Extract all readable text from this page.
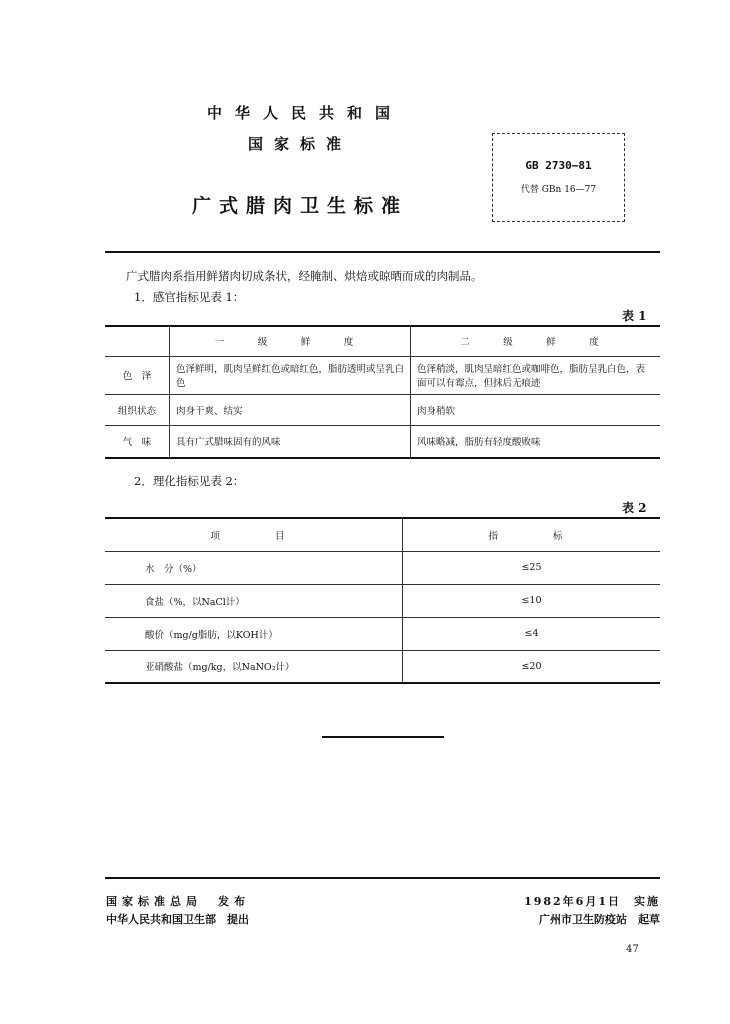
中华人民共和国
国家标准
广式腊肉卫生标准
GB 2730—81
代替 GBn 16—77
广式腊肉系指用鲜猪肉切成条状，经腌制、烘焙或晾晒而成的肉制品。
1．感官指标见表 1：
表 1
	一　级　鲜　度	二　级　鲜　度
色　泽	色泽鲜明，肌肉呈鲜红色或暗红色，脂肪透明或呈乳白色	色泽稍淡，肌肉呈暗红色或咖啡色，脂肪呈乳白色，表面可以有霉点，但抹后无痕迹
组织状态	肉身干爽、结实	肉身稍软
气　味	具有广式腊味固有的风味	风味略减，脂肪有轻度酸败味
2．理化指标见表 2：
表 2
项　　目	指　　标
水　分（%）	≤25
食盐（%，以NaCl计）	≤10
酸价（mg/g脂肪，以KOH计）	≤4
亚硝酸盐（mg/kg，以NaNO₂计）	≤20
国家标准总局　发布	1982年6月1日　实施
中华人民共和国卫生部　提出	广州市卫生防疫站　起草
47
